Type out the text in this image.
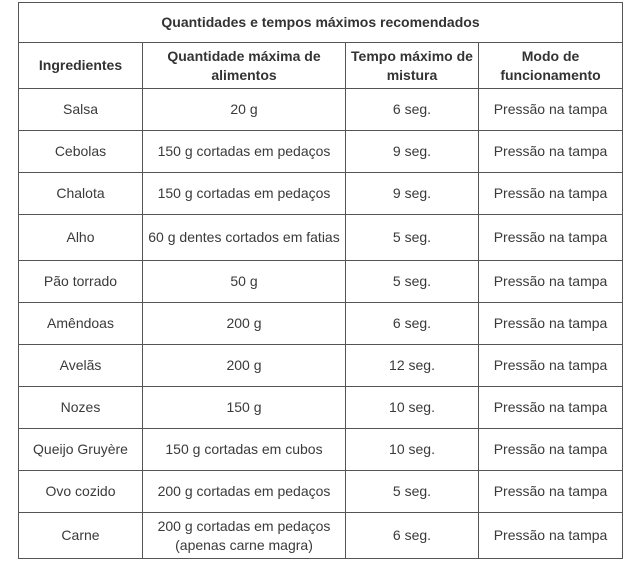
Quantidades e tempos máximos recomendados			
Ingredientes	Quantidade máxima de alimentos	Tempo máximo de mistura	Modo de funcionamento
Salsa	20 g	6 seg.	Pressão na tampa
Cebolas	150 g cortadas em pedaços	9 seg.	Pressão na tampa
Chalota	150 g cortadas em pedaços	9 seg.	Pressão na tampa
Alho	60 g dentes cortados em fatias	5 seg.	Pressão na tampa
Pão torrado	50 g	5 seg.	Pressão na tampa
Amêndoas	200 g	6 seg.	Pressão na tampa
Avelãs	200 g	12 seg.	Pressão na tampa
Nozes	150 g	10 seg.	Pressão na tampa
Queijo Gruyère	150 g cortadas em cubos	10 seg.	Pressão na tampa
Ovo cozido	200 g cortadas em pedaços	5 seg.	Pressão na tampa
Carne	200 g cortadas em pedaços (apenas carne magra)	6 seg.	Pressão na tampa
